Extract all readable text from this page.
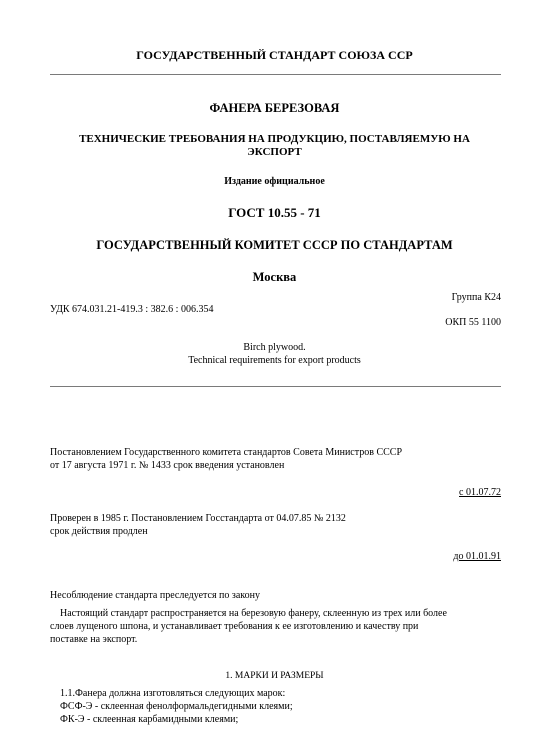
ГОСУДАРСТВЕННЫЙ СТАНДАРТ СОЮЗА ССР
ФАНЕРА БЕРЕЗОВАЯ
ТЕХНИЧЕСКИЕ ТРЕБОВАНИЯ НА ПРОДУКЦИЮ, ПОСТАВЛЯЕМУЮ НА
ЭКСПОРТ
Издание официальное
ГОСТ 10.55 - 71
ГОСУДАРСТВЕННЫЙ КОМИТЕТ СССР ПО СТАНДАРТАМ
Москва
Группа К24
УДК 674.031.21-419.3 : 382.6 : 006.354
ОКП 55 1100
Birch plywood.
Technical requirements for export products
Постановлением Государственного комитета стандартов Совета Министров СССР
от 17 августа 1971 г. № 1433 срок введения установлен
с 01.07.72
Проверен в 1985 г. Постановлением Госстандарта от 04.07.85 № 2132
срок действия продлен
до 01.01.91
Несоблюдение стандарта преследуется по закону
Настоящий стандарт распространяется на березовую фанеру, склеенную из трех или более
слоев лущеного шпона, и устанавливает требования к ее изготовлению и качеству при
поставке на экспорт.
1. МАРКИ И РАЗМЕРЫ
1.1.Фанера должна изготовляться следующих марок:
ФСФ-Э - склеенная фенолформальдегидными клеями;
ФК-Э - склеенная карбамидными клеями;
